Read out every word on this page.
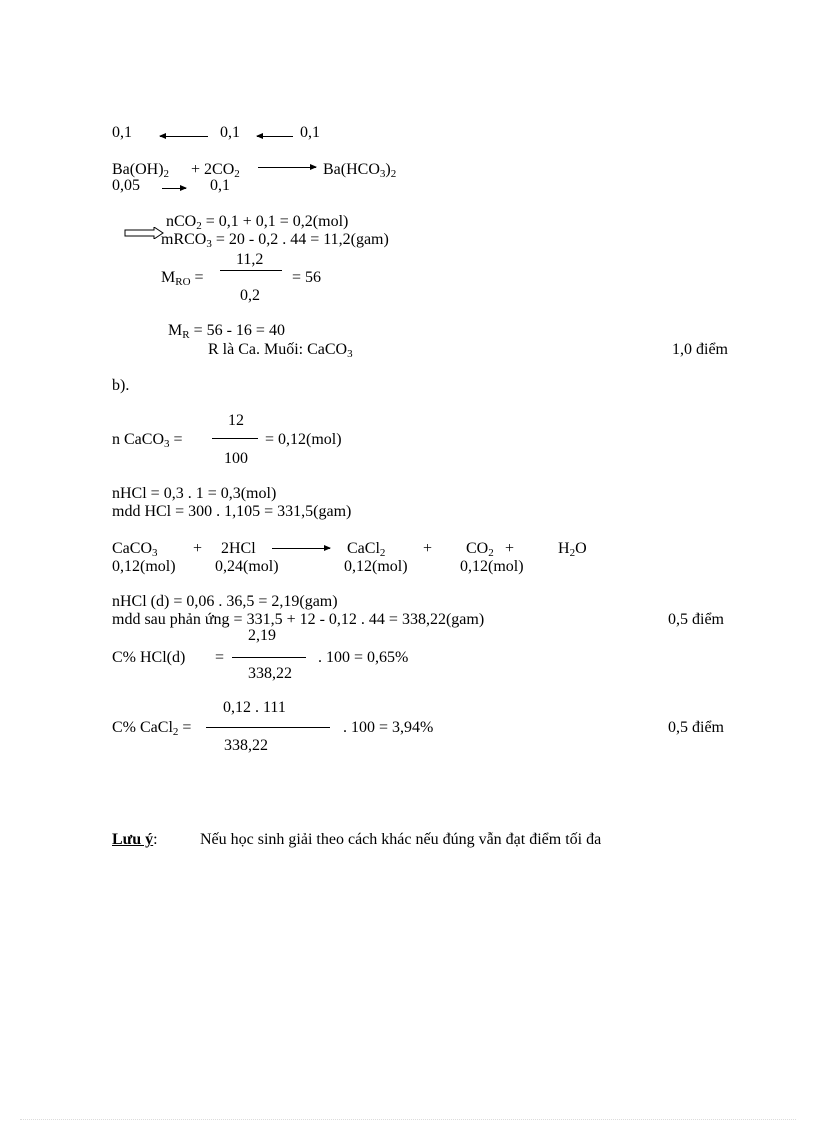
0,1	0,1	0,1
$Ba(OH)_2 + 2CO_2$	$Ba(HCO_3)_2$
0,05	0,1
nCO$_2$ = 0,1 + 0,1 = 0,2(mol)
mRCO$_3$ = 20 - 0,2 . 44 = 11,2(gam)
$M_{RO}$ =
11,2
0,2
= 56
$M_R = 56 - 16 = 40$
R là Ca. Muối: CaCO$_3$	1,0 điểm
b).
n CaCO$_3$ =
12
100
= 0,12(mol)
nHCl = 0,3 . 1 = 0,3(mol)
mdd HCl = 300 . 1,105 = 331,5(gam)
CaCO$_3$ + 2HCl	CaCl$_2$ + $CO_2$ +	$H_2O$
0,12(mol) 0,24(mol)	0,12(mol)	0,12(mol)
nHCl (d) = 0,06 . 36,5 = 2,19(gam)
mdd sau phản ứng = 331,5 + 12 - 0,12 . 44 = 338,22(gam)	0,5 điểm
C% HCl(d) =
2,19
338,22
. 100 = 0,65%
C% CaCl$_2$ =
0,12 . 111
338,22
. 100 = 3,94%	0,5 điểm
Lưu ý:	Nếu học sinh giải theo cách khác nếu đúng vẫn đạt điểm tối đa
